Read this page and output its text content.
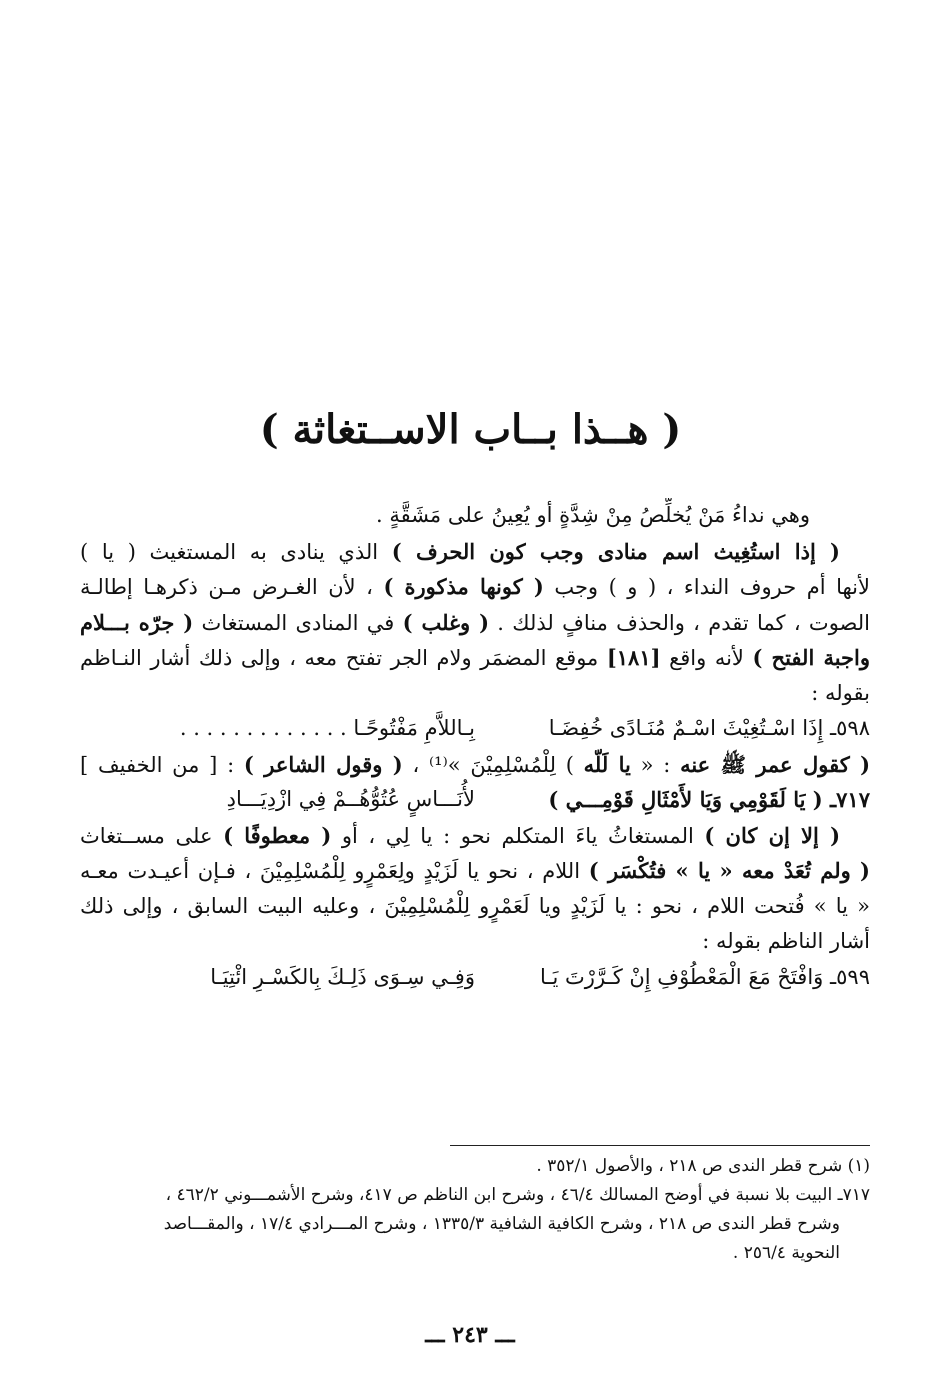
( هــذا بــاب الاســتغاثة )
وهي نداءُ مَنْ يُخلِّصُ مِنْ شِدَّةٍ أو يُعِينُ على مَشَقَّةٍ .
( إذا استُغِيث اسم منادى وجب كون الحرف ) الذي ينادى به المستغيث ( يا )
لأنها أم حروف النداء ، ( و ) وجب ( كونها مذكورة ) ، لأن الغـرض مـن ذكرهـا إطالـة
الصوت ، كما تقدم ، والحذف منافٍ لذلك . ( وغلب ) في المنادى المستغاث ( جرّه بـــلام
واجبة الفتح ) لأنه واقع [١٨١] موقع المضمَر ولام الجر تفتح معه ، وإلى ذلك أشار النـاظم
بقوله :
٥٩٨ـ إِذَا اسْـتُغِيْثَ اسْـمٌ مُنَـادًى خُفِضَـا
بِـاللاَّمِ مَفْتُوحًـا . . . . . . . . . . . . .
( كقول عمر ﷺ عنه : « يا لَلّه ) لِلْمُسْلِمِيْنَ »⁽¹⁾ ، ( وقول الشاعر ) : [ من الخفيف ]
٧١٧ـ ( يَا لَقَوْمِي وَيَا لأَمْثَالِ قَوْمِـــي )
لأُنَـــاسٍ عُتُوُّهُــمْ فِي ازْدِيَـــادِ
( إلا إن كان ) المستغاثُ ياءَ المتكلم نحو : يا لِي ، أو ( معطوفًا ) على مســتغاث
( ولم تُعَدْ معه « يا » فتُكْسَر ) اللام ، نحو يا لَزَيْدٍ ولِعَمْرٍو لِلْمُسْلِمِيْنَ ، فـإن أعيـدت معـه
« يا » فُتحت اللام ، نحو : يا لَزَيْدٍ ويا لَعَمْرٍو لِلْمُسْلِمِيْنَ ، وعليه البيت السابق ، وإلى ذلك
أشار الناظم بقوله :
٥٩٩ـ وَافْتَحْ مَعَ الْمَعْطُوْفِ إِنْ كَـرَّرْتَ يَـا
وَفِـي سِـوَى ذَلِـكَ بِالكَسْـرِ ائْتِيَـا
(١) شرح قطر الندى ص ٢١٨ ، والأصول ٣٥٢/١ .
٧١٧ـ البيت بلا نسبة في أوضح المسالك ٤٦/٤ ، وشرح ابن الناظم ص ٤١٧، وشرح الأشمـــوني ٤٦٢/٢ ،
وشرح قطر الندى ص ٢١٨ ، وشرح الكافية الشافية ١٣٣٥/٣ ، وشرح المـــرادي ١٧/٤ ، والمقـــاصد
النحوية ٢٥٦/٤ .
ـــ ٢٤٣ ـــ
